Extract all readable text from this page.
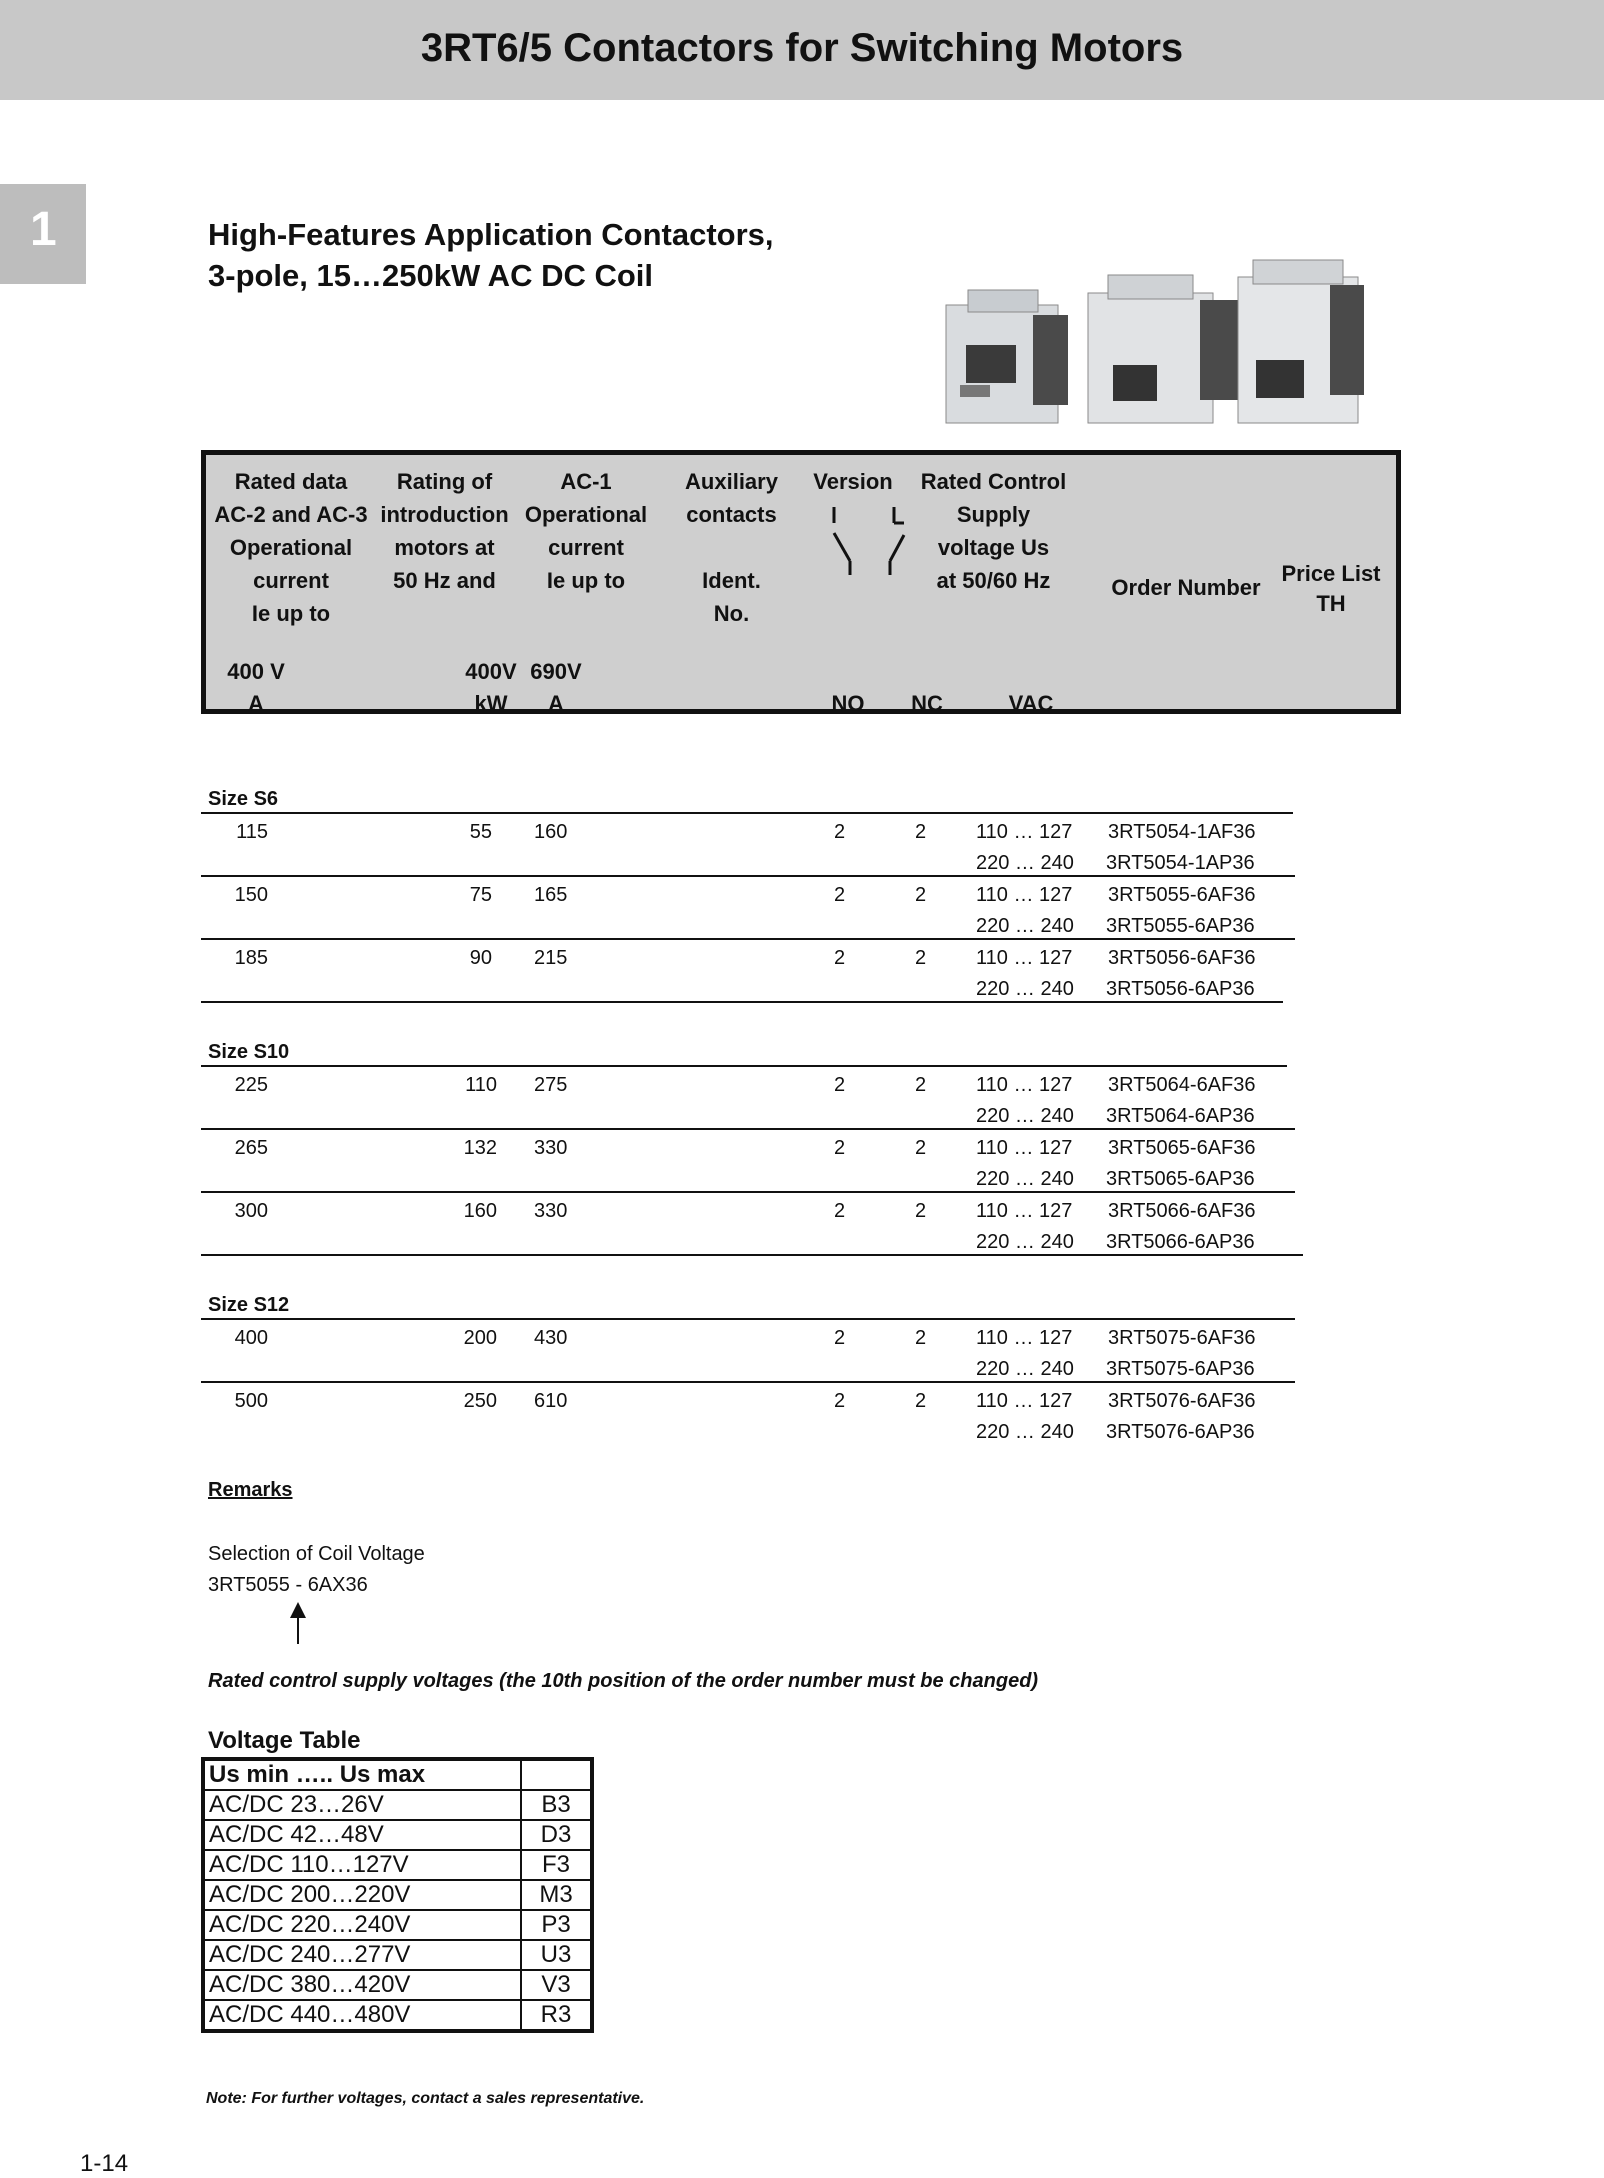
3RT6/5 Contactors for Switching Motors
1	High-Features Application Contactors,
3-pole, 15…250kW AC DC Coil
Rated data
AC-2 and AC-3
Operational
current
Ie up to
Rating of
introduction
motors at
50 Hz and
AC-1
Operational
current
Ie up to
Auxiliary
contacts

Ident.
No.
Version	Rated Control
Supply
voltage Us
at 50/60 Hz	Order Number
Price List
TH
400 V
A
400V
kW
690V
A	NO	NC	VAC
Size S6
115	55 160	2	2 110 … 127 3RT5054-1AF36
220 … 240 3RT5054-1AP36
150	75 165	2	2 110 … 127 3RT5055-6AF36
220 … 240 3RT5055-6AP36
185	90 215	2	2 110 … 127 3RT5056-6AF36
220 … 240 3RT5056-6AP36
Size S10
225	110 275	2	2 110 … 127 3RT5064-6AF36
220 … 240 3RT5064-6AP36
265	132 330	2	2 110 … 127 3RT5065-6AF36
220 … 240 3RT5065-6AP36
300	160 330	2	2 110 … 127 3RT5066-6AF36
220 … 240 3RT5066-6AP36
Size S12
400	200 430	2	2 110 … 127 3RT5075-6AF36
220 … 240 3RT5075-6AP36
500	250 610	2	2 110 … 127 3RT5076-6AF36
220 … 240 3RT5076-6AP36
Remarks
Selection of Coil Voltage
3RT5055 - 6AX36
Rated control supply voltages (the 10th position of the order number must be changed)
Voltage Table
Us min ….. Us max	
AC/DC 23…26V	B3
AC/DC 42…48V	D3
AC/DC 110…127V	F3
AC/DC 200…220V	M3
AC/DC 220…240V	P3
AC/DC 240…277V	U3
AC/DC 380…420V	V3
AC/DC 440…480V	R3
Note: For further voltages, contact a sales representative.
1-14
